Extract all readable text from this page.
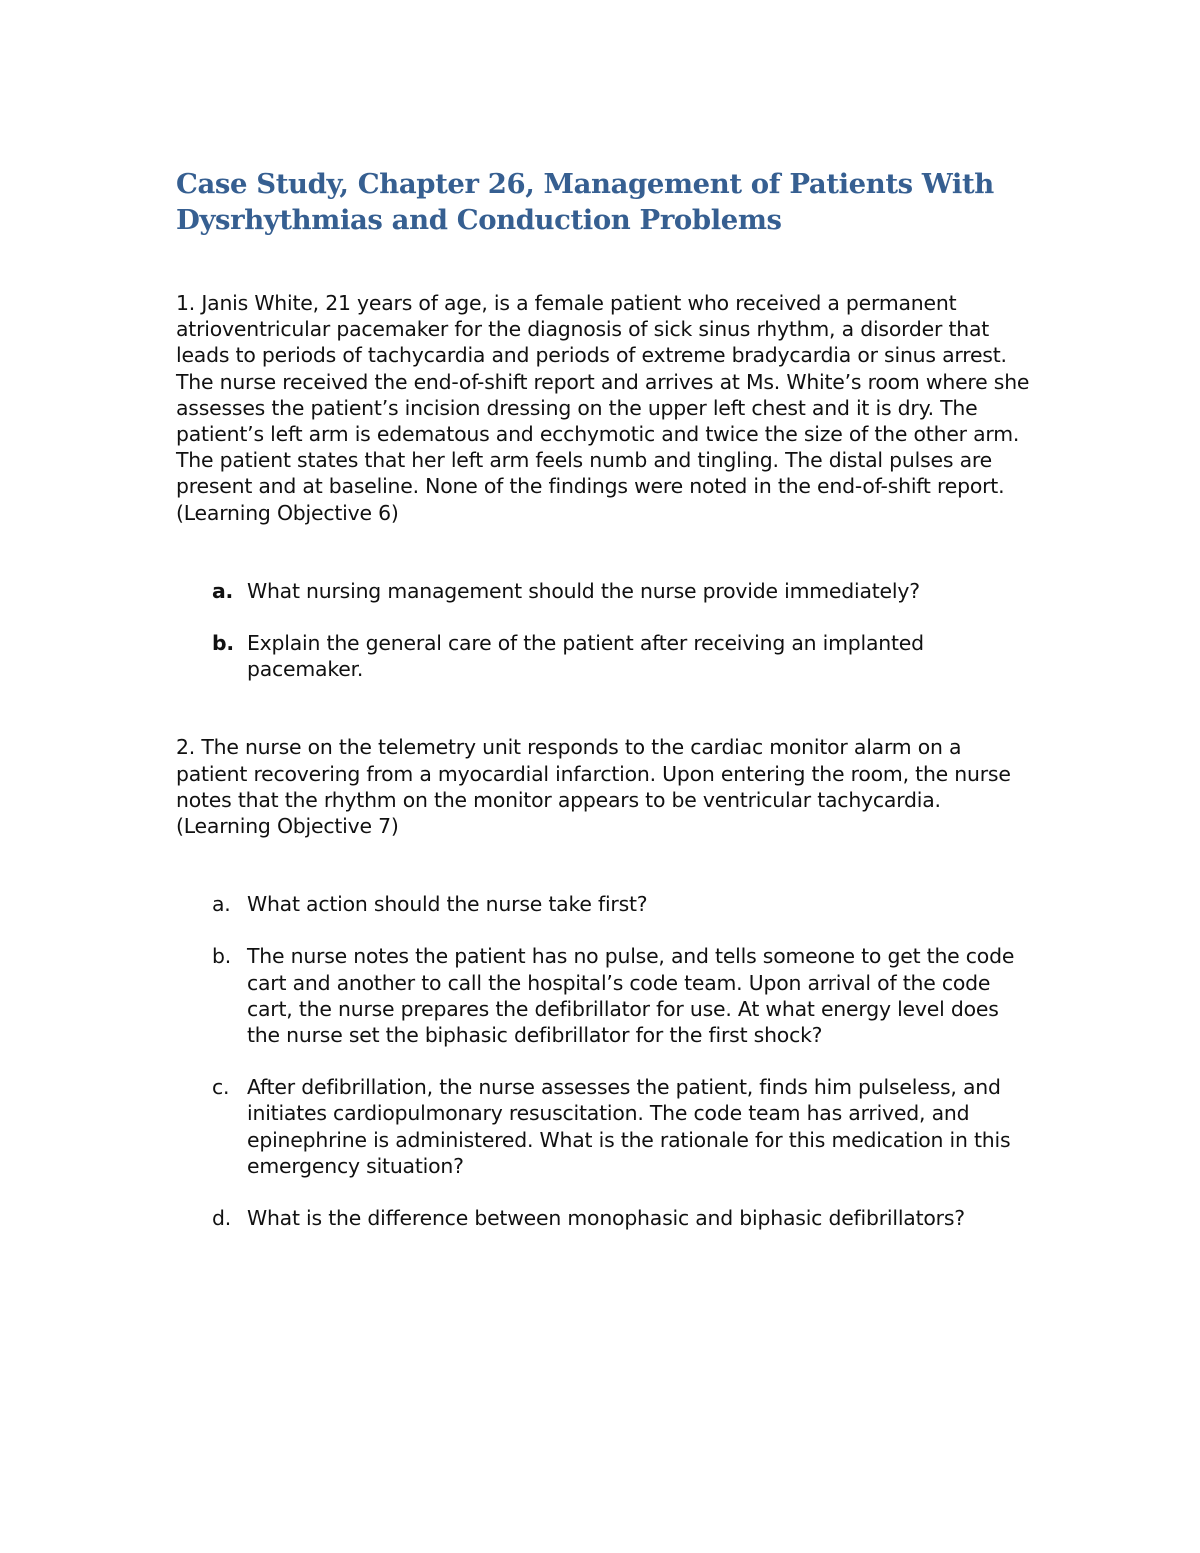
Case Study, Chapter 26, Management of Patients With Dysrhythmias and Conduction Problems

1. Janis White, 21 years of age, is a female patient who received a permanent atrioventricular pacemaker for the diagnosis of sick sinus rhythm, a disorder that leads to periods of tachycardia and periods of extreme bradycardia or sinus arrest. The nurse received the end-of-shift report and arrives at Ms. White’s room where she assesses the patient’s incision dressing on the upper left chest and it is dry. The patient’s left arm is edematous and ecchymotic and twice the size of the other arm. The patient states that her left arm feels numb and tingling. The distal pulses are present and at baseline. None of the findings were noted in the end-of-shift report. (Learning Objective 6)

a. What nursing management should the nurse provide immediately?
b. Explain the general care of the patient after receiving an implanted pacemaker.

2. The nurse on the telemetry unit responds to the cardiac monitor alarm on a patient recovering from a myocardial infarction. Upon entering the room, the nurse notes that the rhythm on the monitor appears to be ventricular tachycardia. (Learning Objective 7)

a. What action should the nurse take first?
b. The nurse notes the patient has no pulse, and tells someone to get the code cart and another to call the hospital’s code team. Upon arrival of the code cart, the nurse prepares the defibrillator for use. At what energy level does the nurse set the biphasic defibrillator for the first shock?
c. After defibrillation, the nurse assesses the patient, finds him pulseless, and initiates cardiopulmonary resuscitation. The code team has arrived, and epinephrine is administered. What is the rationale for this medication in this emergency situation?
d. What is the difference between monophasic and biphasic defibrillators?
